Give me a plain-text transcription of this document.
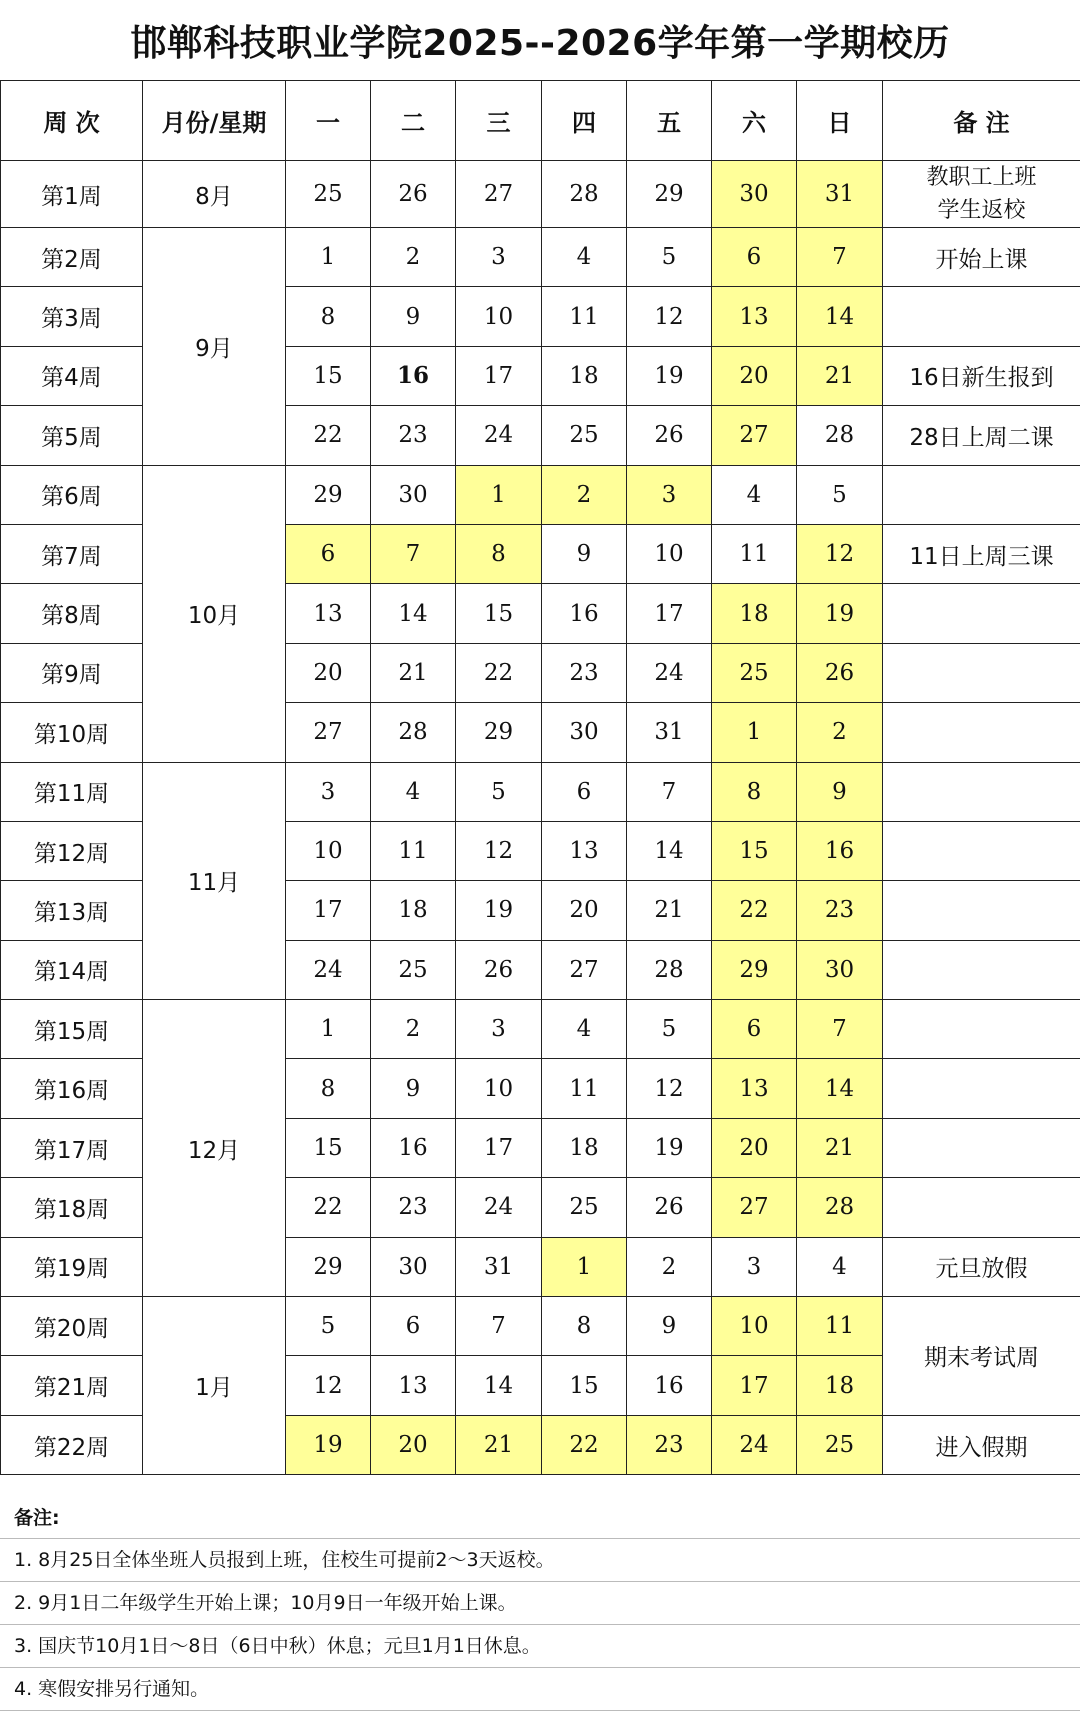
邯郸科技职业学院2025--2026学年第一学期校历
周 次	月份/星期	一	二	三	四	五	六	日	备 注
第1周	8月	25	26	27	28	29	30	31	教职工上班
学生返校

第2周	9月	1	2	3	4	5	6	7	开始上课
第3周		8	9	10	11	12	13	14	
第4周		15	16	17	18	19	20	21	16日新生报到
第5周		22	23	24	25	26	27	28	28日上周二课
第6周	10月	29	30	1	2	3	4	5	
第7周		6	7	8	9	10	11	12	11日上周三课
第8周		13	14	15	16	17	18	19	
第9周		20	21	22	23	24	25	26	
第10周		27	28	29	30	31	1	2	
第11周	11月	3	4	5	6	7	8	9	
第12周		10	11	12	13	14	15	16	
第13周		17	18	19	20	21	22	23	
第14周		24	25	26	27	28	29	30	
第15周	12月	1	2	3	4	5	6	7	
第16周		8	9	10	11	12	13	14	
第17周		15	16	17	18	19	20	21	
第18周		22	23	24	25	26	27	28	
第19周		29	30	31	1	2	3	4	元旦放假
第20周	1月	5	6	7	8	9	10	11	期末考试周
第21周		12	13	14	15	16	17	18	
第22周		19	20	21	22	23	24	25	进入假期
备注:
1. 8月25日全体坐班人员报到上班，住校生可提前2～3天返校。
2. 9月1日二年级学生开始上课；10月9日一年级开始上课。
3. 国庆节10月1日～8日（6日中秋）休息；元旦1月1日休息。
4. 寒假安排另行通知。
